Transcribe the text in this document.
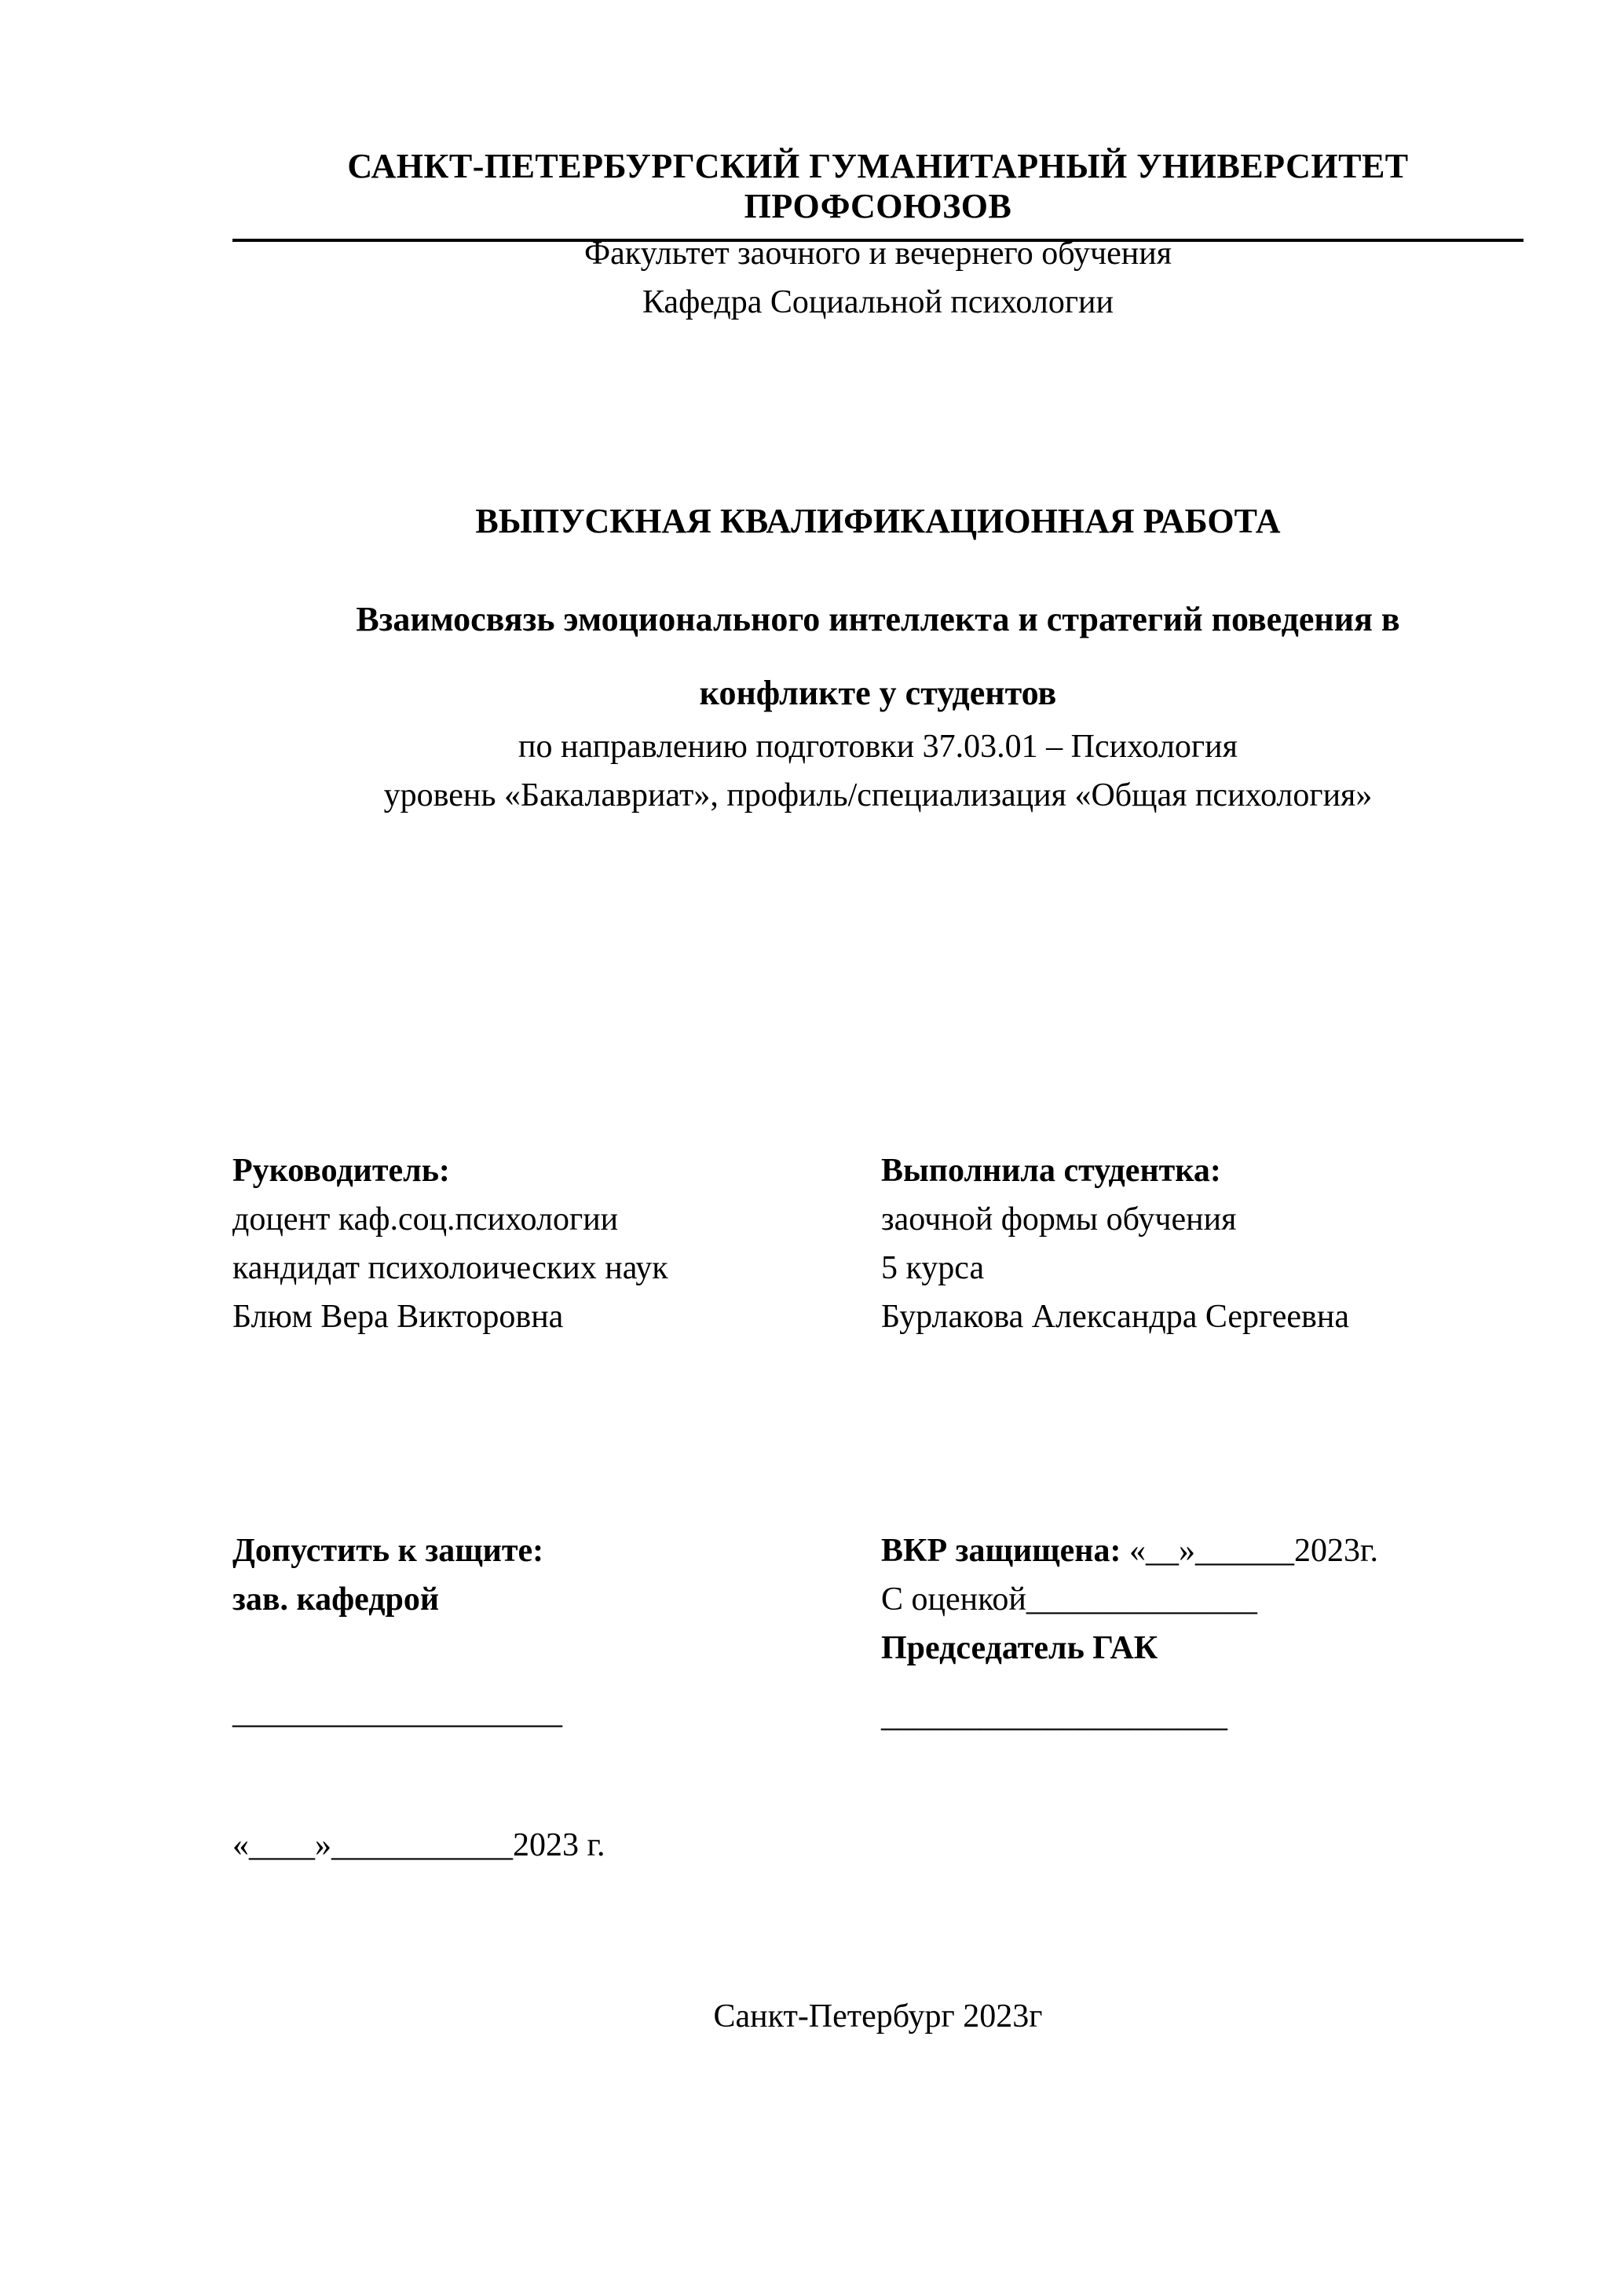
САНКТ-ПЕТЕРБУРГСКИЙ ГУМАНИТАРНЫЙ УНИВЕРСИТЕТ ПРОФСОЮЗОВ
Факультет заочного и вечернего обучения
Кафедра Социальной психологии
ВЫПУСКНАЯ КВАЛИФИКАЦИОННАЯ РАБОТА
Взаимосвязь эмоционального интеллекта и стратегий поведения в
конфликте у студентов
по направлению подготовки 37.03.01 – Психология
уровень «Бакалавриат», профиль/специализация «Общая психология»
Руководитель:
доцент каф.соц.психологии
кандидат психолоических наук
Блюм Вера Викторовна
Выполнила студентка:
заочной формы обучения
5 курса
Бурлакова Александра Сергеевна
Допустить к защите:
зав. кафедрой
____________________
ВКР защищена: «__»______2023г.
С оценкой______________
Председатель ГАК
_____________________
«____»___________2023 г.
Санкт-Петербург 2023г
